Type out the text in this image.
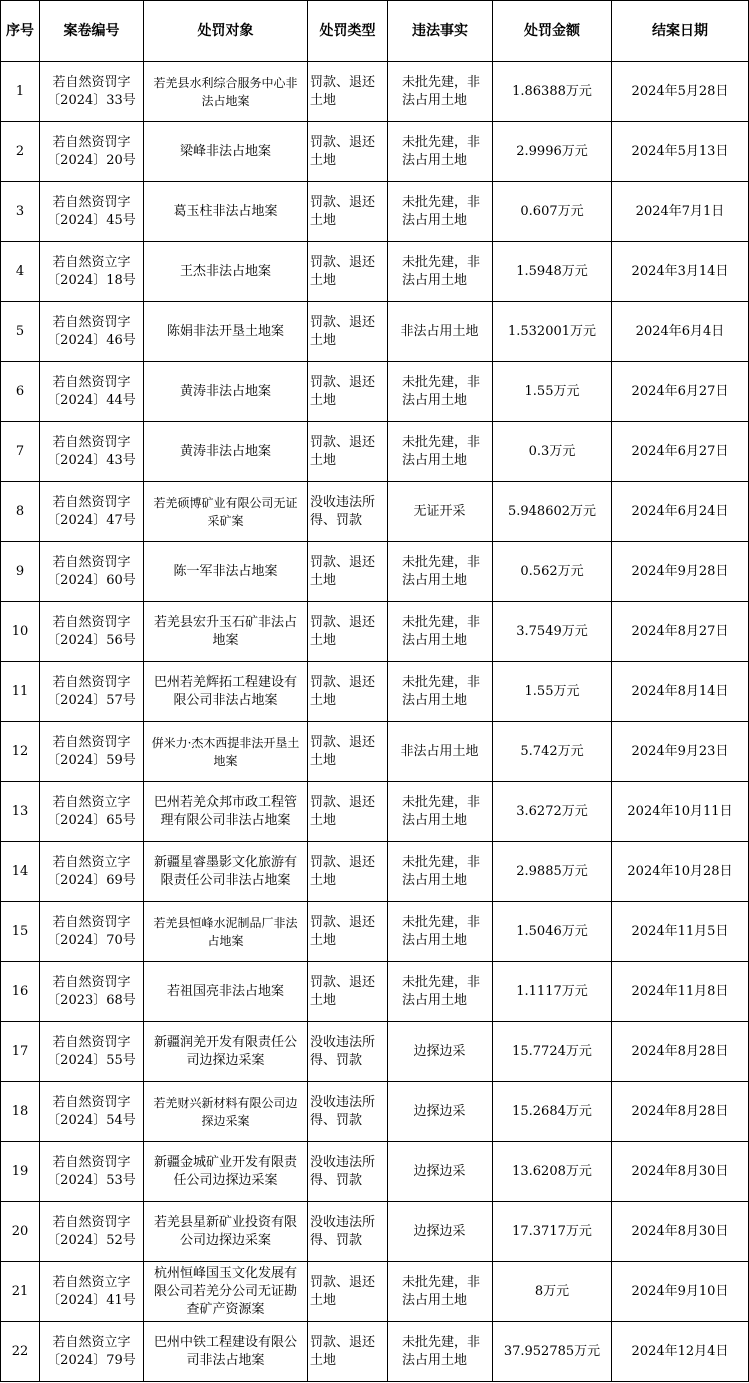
序号	案卷编号	处罚对象	处罚类型	违法事实	处罚金额	结案日期
1	若自然资罚字〔2024〕33号	若羌县水利综合服务中心非法占地案	罚款、退还土地	未批先建，非法占用土地	1.86388万元	2024年5月28日
2	若自然资罚字〔2024〕20号	梁峰非法占地案	罚款、退还土地	未批先建，非法占用土地	2.9996万元	2024年5月13日
3	若自然资罚字〔2024〕45号	葛玉柱非法占地案	罚款、退还土地	未批先建，非法占用土地	0.607万元	2024年7月1日
4	若自然资立字〔2024〕18号	王杰非法占地案	罚款、退还土地	未批先建，非法占用土地	1.5948万元	2024年3月14日
5	若自然资罚字〔2024〕46号	陈娟非法开垦土地案	罚款、退还土地	非法占用土地	1.532001万元	2024年6月4日
6	若自然资罚字〔2024〕44号	黄涛非法占地案	罚款、退还土地	未批先建，非法占用土地	1.55万元	2024年6月27日
7	若自然资罚字〔2024〕43号	黄涛非法占地案	罚款、退还土地	未批先建，非法占用土地	0.3万元	2024年6月27日
8	若自然资罚字〔2024〕47号	若羌硕博矿业有限公司无证采矿案	没收违法所得、罚款	无证开采	5.948602万元	2024年6月24日
9	若自然资罚字〔2024〕60号	陈一军非法占地案	罚款、退还土地	未批先建，非法占用土地	0.562万元	2024年9月28日
10	若自然资罚字〔2024〕56号	若羌县宏升玉石矿非法占地案	罚款、退还土地	未批先建，非法占用土地	3.7549万元	2024年8月27日
11	若自然资罚字〔2024〕57号	巴州若羌辉拓工程建设有限公司非法占地案	罚款、退还土地	未批先建，非法占用土地	1.55万元	2024年8月14日
12	若自然资罚字〔2024〕59号	倂米力·杰木西提非法开垦土地案	罚款、退还土地	非法占用土地	5.742万元	2024年9月23日
13	若自然资立字〔2024〕65号	巴州若羌众邦市政工程管理有限公司非法占地案	罚款、退还土地	未批先建，非法占用土地	3.6272万元	2024年10月11日
14	若自然资立字〔2024〕69号	新疆星睿墨影文化旅游有限责任公司非法占地案	罚款、退还土地	未批先建，非法占用土地	2.9885万元	2024年10月28日
15	若自然资罚字〔2024〕70号	若羌县恒峰水泥制品厂非法占地案	罚款、退还土地	未批先建，非法占用土地	1.5046万元	2024年11月5日
16	若自然资罚字〔2023〕68号	若祖国亮非法占地案	罚款、退还土地	未批先建，非法占用土地	1.1117万元	2024年11月8日
17	若自然资罚字〔2024〕55号	新疆润羌开发有限责任公司边探边采案	没收违法所得、罚款	边探边采	15.7724万元	2024年8月28日
18	若自然资罚字〔2024〕54号	若羌财兴新材料有限公司边探边采案	没收违法所得、罚款	边探边采	15.2684万元	2024年8月28日
19	若自然资罚字〔2024〕53号	新疆金城矿业开发有限责任公司边探边采案	没收违法所得、罚款	边探边采	13.6208万元	2024年8月30日
20	若自然资罚字〔2024〕52号	若羌县星新矿业投资有限公司边探边采案	没收违法所得、罚款	边探边采	17.3717万元	2024年8月30日
21	若自然资立字〔2024〕41号	杭州恒峰国玉文化发展有限公司若羌分公司无证勘查矿产资源案	罚款、退还土地	未批先建，非法占用土地	8万元	2024年9月10日
22	若自然资立字〔2024〕79号	巴州中铁工程建设有限公司非法占地案	罚款、退还土地	未批先建，非法占用土地	37.952785万元	2024年12月4日
